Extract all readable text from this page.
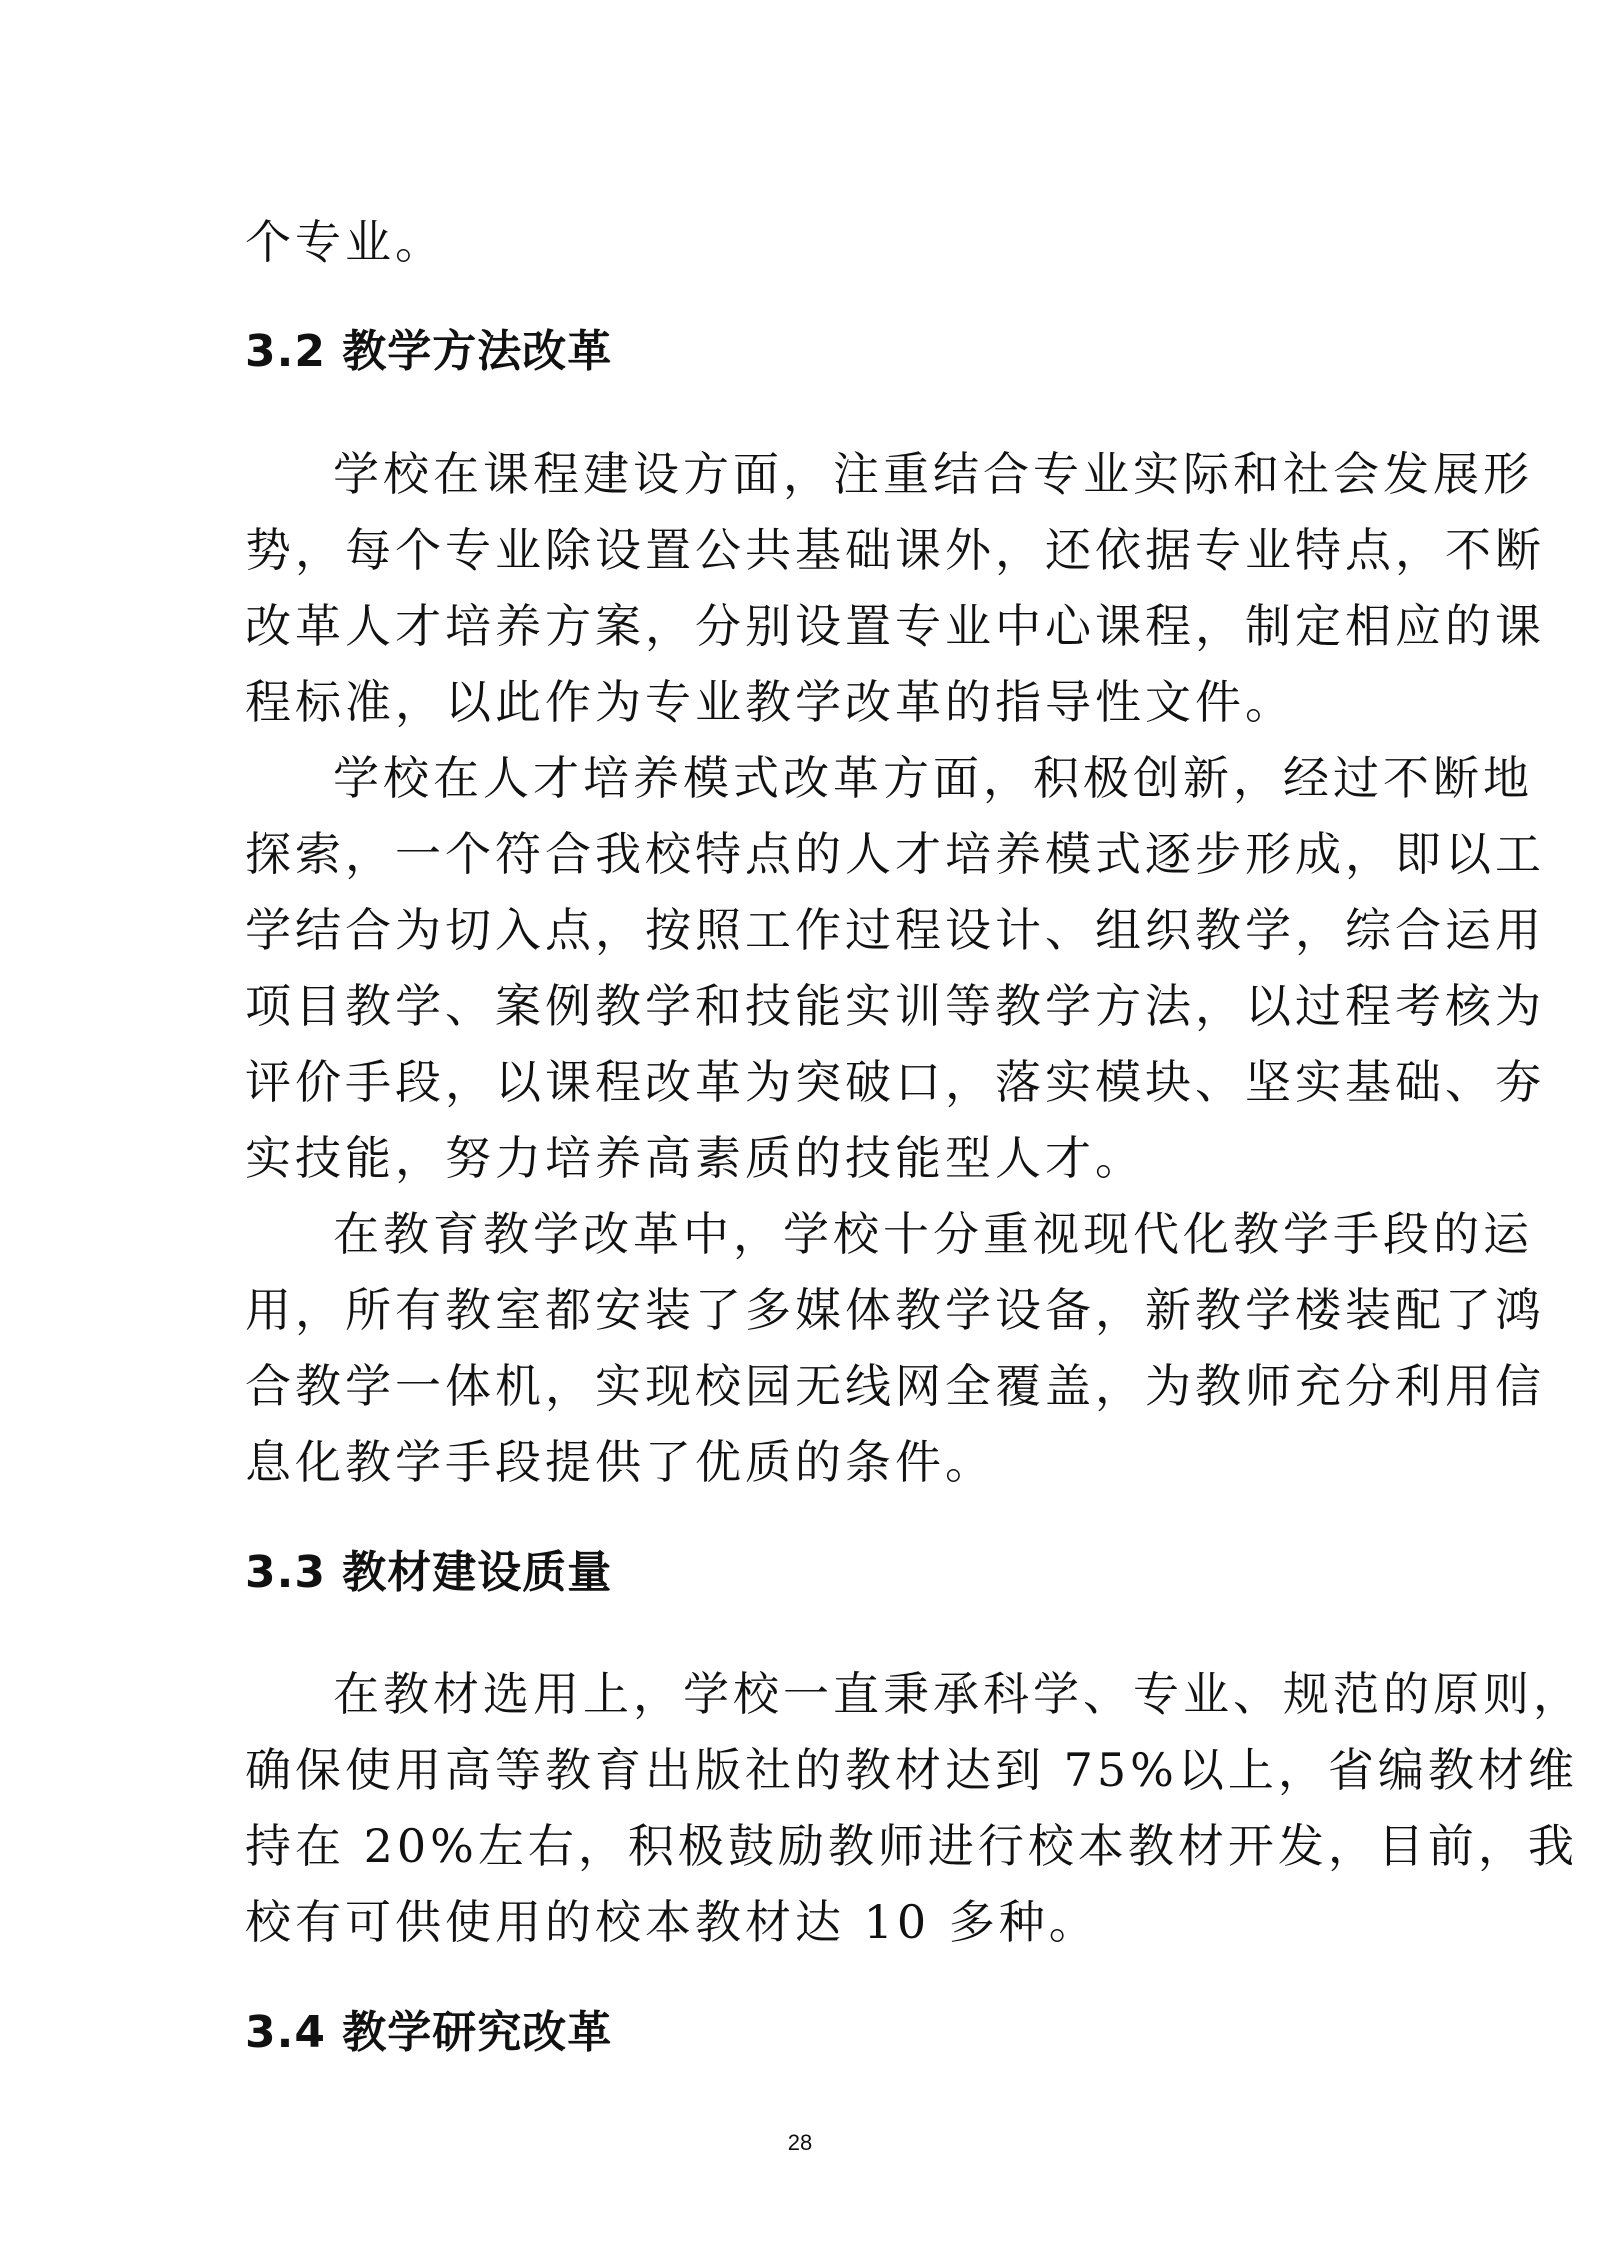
个专业。
3.2 教学方法改革
学校在课程建设方面，注重结合专业实际和社会发展形
势，每个专业除设置公共基础课外，还依据专业特点，不断
改革人才培养方案，分别设置专业中心课程，制定相应的课
程标准，以此作为专业教学改革的指导性文件。
学校在人才培养模式改革方面，积极创新，经过不断地
探索，一个符合我校特点的人才培养模式逐步形成，即以工
学结合为切入点，按照工作过程设计、组织教学，综合运用
项目教学、案例教学和技能实训等教学方法，以过程考核为
评价手段，以课程改革为突破口，落实模块、坚实基础、夯
实技能，努力培养高素质的技能型人才。
在教育教学改革中，学校十分重视现代化教学手段的运
用，所有教室都安装了多媒体教学设备，新教学楼装配了鸿
合教学一体机，实现校园无线网全覆盖，为教师充分利用信
息化教学手段提供了优质的条件。
3.3 教材建设质量
在教材选用上，学校一直秉承科学、专业、规范的原则，
确保使用高等教育出版社的教材达到 75%以上，省编教材维
持在 20%左右，积极鼓励教师进行校本教材开发，目前，我
校有可供使用的校本教材达 10 多种。
3.4 教学研究改革
28
